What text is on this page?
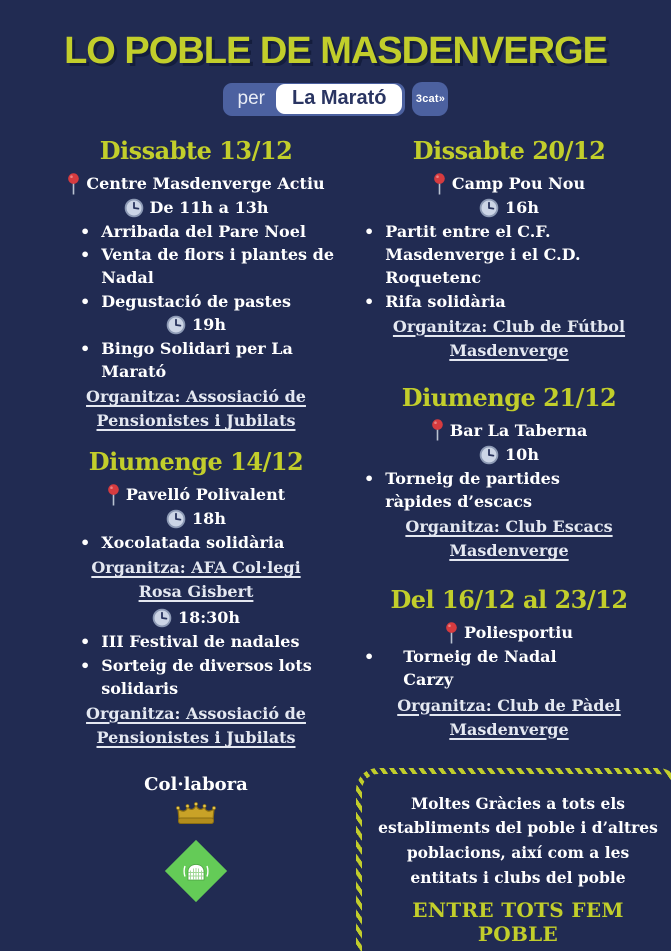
LO POBLE DE MASDENVERGE
per	La Marató	3cat»
Dissabte 13/12
Centre Masdenverge Actiu
De 11h a 13h
• Arribada del Pare Noel
• Venta de flors i plantes de Nadal
• Degustació de pastes
19h
• Bingo Solidari per La Marató
Organitza: Assosiació de Pensionistes i Jubilats
Diumenge 14/12
Pavelló Polivalent
18h
• Xocolatada solidària
Organitza: AFA Col·legi Rosa Gisbert
18:30h
• III Festival de nadales
• Sorteig de diversos lots solidaris
Organitza: Assosiació de Pensionistes i Jubilats
Col·labora
Dissabte 20/12
Camp Pou Nou
16h
• Partit entre el C.F. Masdenverge i el C.D. Roquetenc
• Rifa solidària
Organitza: Club de Fútbol Masdenverge
Diumenge 21/12
Bar La Taberna
10h
• Torneig de partides ràpides d’escacs
Organitza: Club Escacs Masdenverge
Del 16/12 al 23/12
Poliesportiu
• Torneig de Nadal Carzy
Organitza: Club de Pàdel Masdenverge
Moltes Gràcies a tots els establiments del poble i d’altres poblacions, així com a les entitats i clubs del poble
ENTRE TOTS FEM POBLE
